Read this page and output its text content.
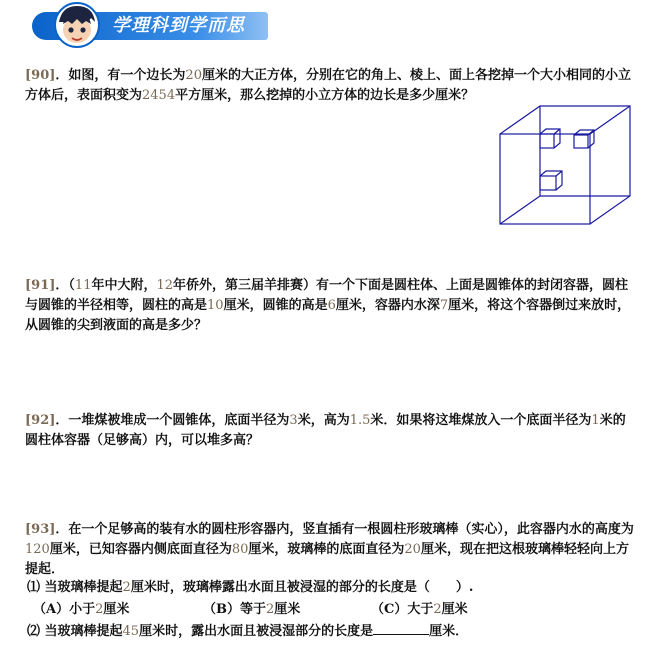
学理科到学而思
[90]．如图，有一个边长为20厘米的大正方体，分别在它的角上、棱上、面上各挖掉一个大小相同的小立方体后，表面积变为2454平方厘米，那么挖掉的小立方体的边长是多少厘米？
[91]．（11年中大附，12年侨外，第三届羊排赛）有一个下面是圆柱体、上面是圆锥体的封闭容器，圆柱与圆锥的半径相等，圆柱的高是10厘米，圆锥的高是6厘米，容器内水深7厘米，将这个容器倒过来放时，从圆锥的尖到液面的高是多少？
[92]．一堆煤被堆成一个圆锥体，底面半径为3米，高为1.5米．如果将这堆煤放入一个底面半径为1米的圆柱体容器（足够高）内，可以堆多高？
[93]．在一个足够高的装有水的圆柱形容器内，竖直插有一根圆柱形玻璃棒（实心），此容器内水的高度为120厘米，已知容器内侧底面直径为80厘米，玻璃棒的底面直径为20厘米，现在把这根玻璃棒轻轻向上方提起．
⑴ 当玻璃棒提起2厘米时，玻璃棒露出水面且被浸湿的部分的长度是（　　）.
（A）小于2厘米	（B）等于2厘米	（C）大于2厘米
⑵ 当玻璃棒提起45厘米时，露出水面且被浸湿部分的长度是	厘米．
